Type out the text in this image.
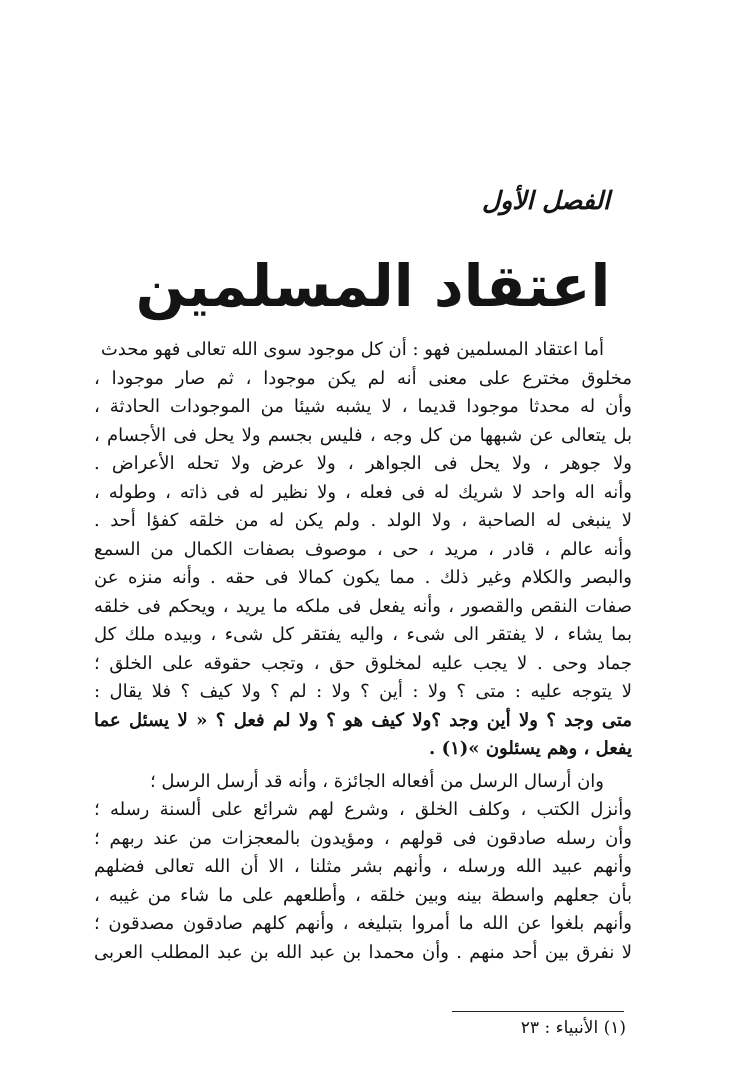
الفصل الأول
اعتقاد المسلمين
أما اعتقاد المسلمين فهو : أن كل موجود سوى الله تعالى فهو محدث
مخلوق مخترع على معنى أنه لم يكن موجودا ، ثم صار موجودا ،
وأن له محدثا موجودا قديما ، لا يشبه شيئا من الموجودات الحادثة ،
بل يتعالى عن شبهها من كل وجه ، فليس بجسم ولا يحل فى الأجسام ،
ولا جوهر ، ولا يحل فى الجواهر ، ولا عرض ولا تحله الأعراض .
وأنه اله واحد لا شريك له فى فعله ، ولا نظير له فى ذاته ، وطوله ،
لا ينبغى له الصاحبة ، ولا الولد . ولم يكن له من خلقه كفؤا أحد .
وأنه عالم ، قادر ، مريد ، حى ، موصوف بصفات الكمال من السمع
والبصر والكلام وغير ذلك . مما يكون كمالا فى حقه . وأنه منزه عن
صفات النقص والقصور ، وأنه يفعل فى ملكه ما يريد ، ويحكم فى خلقه
بما يشاء ، لا يفتقر الى شىء ، واليه يفتقر كل شىء ، وبيده ملك كل
جماد وحى . لا يجب عليه لمخلوق حق ، وتجب حقوقه على الخلق ؛
لا يتوجه عليه : متى ؟ ولا : أين ؟ ولا : لم ؟ ولا كيف ؟ فلا يقال :
متى وجد ؟ ولا أين وجد ؟ولا كيف هو ؟ ولا لم فعل ؟ « لا يسئل عما
يفعل ، وهم يسئلون »(١) .
وان أرسال الرسل من أفعاله الجائزة ، وأنه قد أرسل الرسل ؛
وأنزل الكتب ، وكلف الخلق ، وشرع لهم شرائع على ألسنة رسله ؛
وأن رسله صادقون فى قولهم ، ومؤيدون بالمعجزات من عند ربهم ؛
وأنهم عبيد الله ورسله ، وأنهم بشر مثلنا ، الا أن الله تعالى فضلهم
بأن جعلهم واسطة بينه وبين خلقه ، وأطلعهم على ما شاء من غيبه ،
وأنهم بلغوا عن الله ما أمروا بتبليغه ، وأنهم كلهم صادقون مصدقون ؛
لا نفرق بين أحد منهم . وأن محمدا بن عبد الله بن عبد المطلب العربى
(١) الأنبياء : ٢٣
